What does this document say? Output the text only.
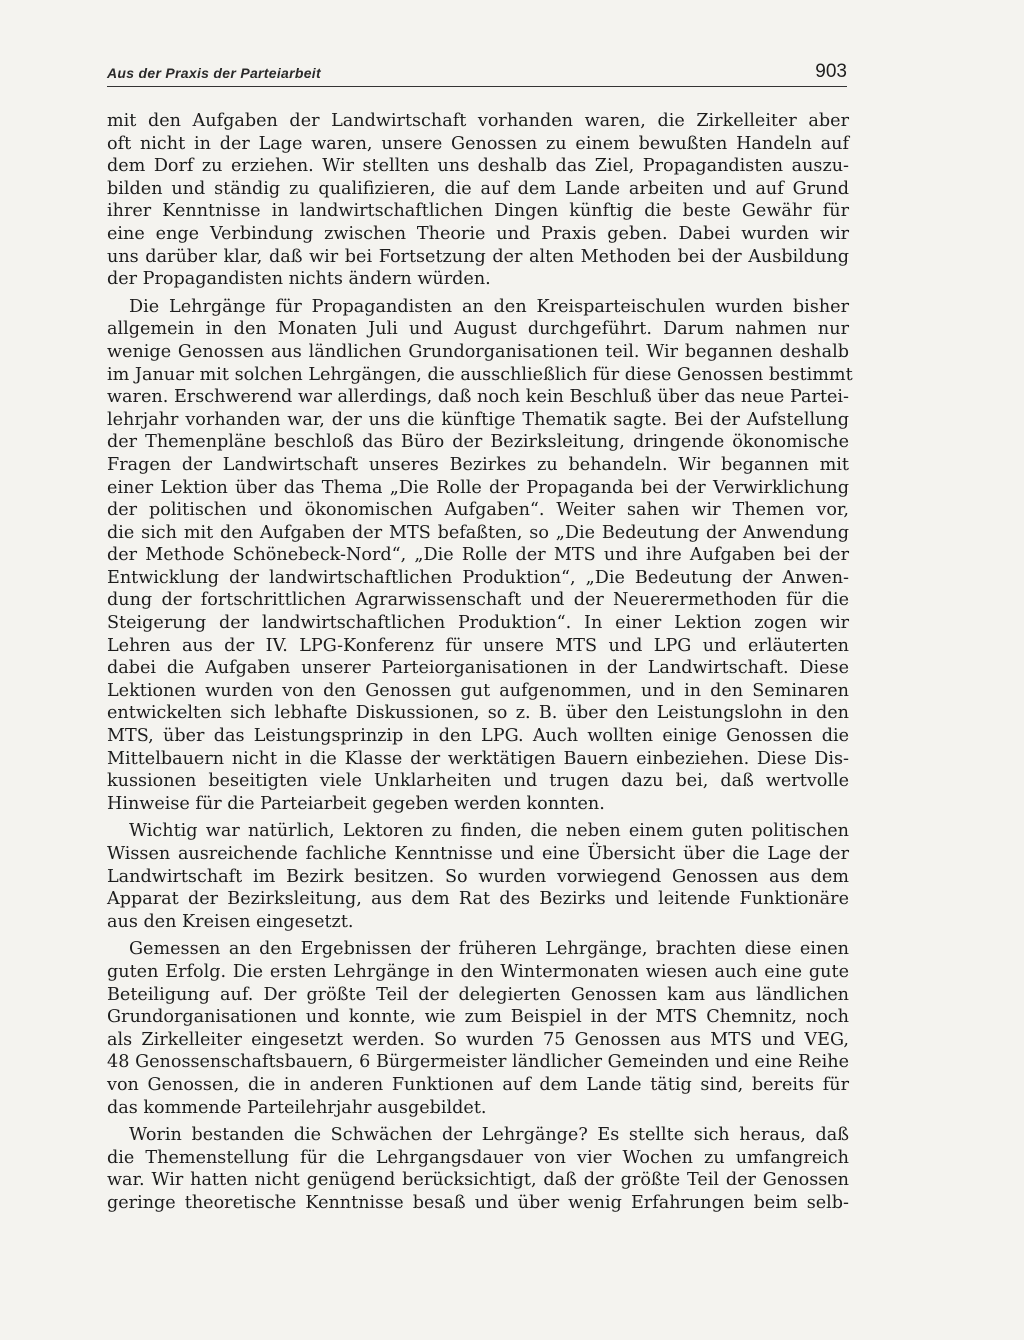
Aus der Praxis der Parteiarbeit	903
mit den Aufgaben der Landwirtschaft vorhanden waren, die Zirkelleiter aber
oft nicht in der Lage waren, unsere Genossen zu einem bewußten Handeln auf
dem Dorf zu erziehen. Wir stellten uns deshalb das Ziel, Propagandisten auszu-
bilden und ständig zu qualifizieren, die auf dem Lande arbeiten und auf Grund
ihrer Kenntnisse in landwirtschaftlichen Dingen künftig die beste Gewähr für
eine enge Verbindung zwischen Theorie und Praxis geben. Dabei wurden wir
uns darüber klar, daß wir bei Fortsetzung der alten Methoden bei der Ausbildung
der Propagandisten nichts ändern würden.
Die Lehrgänge für Propagandisten an den Kreisparteischulen wurden bisher
allgemein in den Monaten Juli und August durchgeführt. Darum nahmen nur
wenige Genossen aus ländlichen Grundorganisationen teil. Wir begannen deshalb
im Januar mit solchen Lehrgängen, die ausschließlich für diese Genossen bestimmt
waren. Erschwerend war allerdings, daß noch kein Beschluß über das neue Partei-
lehrjahr vorhanden war, der uns die künftige Thematik sagte. Bei der Aufstellung
der Themenpläne beschloß das Büro der Bezirksleitung, dringende ökonomische
Fragen der Landwirtschaft unseres Bezirkes zu behandeln. Wir begannen mit
einer Lektion über das Thema „Die Rolle der Propaganda bei der Verwirklichung
der politischen und ökonomischen Aufgaben“. Weiter sahen wir Themen vor,
die sich mit den Aufgaben der MTS befaßten, so „Die Bedeutung der Anwendung
der Methode Schönebeck-Nord“, „Die Rolle der MTS und ihre Aufgaben bei der
Entwicklung der landwirtschaftlichen Produktion“, „Die Bedeutung der Anwen-
dung der fortschrittlichen Agrarwissenschaft und der Neuerermethoden für die
Steigerung der landwirtschaftlichen Produktion“. In einer Lektion zogen wir
Lehren aus der IV. LPG-Konferenz für unsere MTS und LPG und erläuterten
dabei die Aufgaben unserer Parteiorganisationen in der Landwirtschaft. Diese
Lektionen wurden von den Genossen gut aufgenommen, und in den Seminaren
entwickelten sich lebhafte Diskussionen, so z. B. über den Leistungslohn in den
MTS, über das Leistungsprinzip in den LPG. Auch wollten einige Genossen die
Mittelbauern nicht in die Klasse der werktätigen Bauern einbeziehen. Diese Dis-
kussionen beseitigten viele Unklarheiten und trugen dazu bei, daß wertvolle
Hinweise für die Parteiarbeit gegeben werden konnten.
Wichtig war natürlich, Lektoren zu finden, die neben einem guten politischen
Wissen ausreichende fachliche Kenntnisse und eine Übersicht über die Lage der
Landwirtschaft im Bezirk besitzen. So wurden vorwiegend Genossen aus dem
Apparat der Bezirksleitung, aus dem Rat des Bezirks und leitende Funktionäre
aus den Kreisen eingesetzt.
Gemessen an den Ergebnissen der früheren Lehrgänge, brachten diese einen
guten Erfolg. Die ersten Lehrgänge in den Wintermonaten wiesen auch eine gute
Beteiligung auf. Der größte Teil der delegierten Genossen kam aus ländlichen
Grundorganisationen und konnte, wie zum Beispiel in der MTS Chemnitz, noch
als Zirkelleiter eingesetzt werden. So wurden 75 Genossen aus MTS und VEG,
48 Genossenschaftsbauern, 6 Bürgermeister ländlicher Gemeinden und eine Reihe
von Genossen, die in anderen Funktionen auf dem Lande tätig sind, bereits für
das kommende Parteilehrjahr ausgebildet.
Worin bestanden die Schwächen der Lehrgänge? Es stellte sich heraus, daß
die Themenstellung für die Lehrgangsdauer von vier Wochen zu umfangreich
war. Wir hatten nicht genügend berücksichtigt, daß der größte Teil der Genossen
geringe theoretische Kenntnisse besaß und über wenig Erfahrungen beim selb-
